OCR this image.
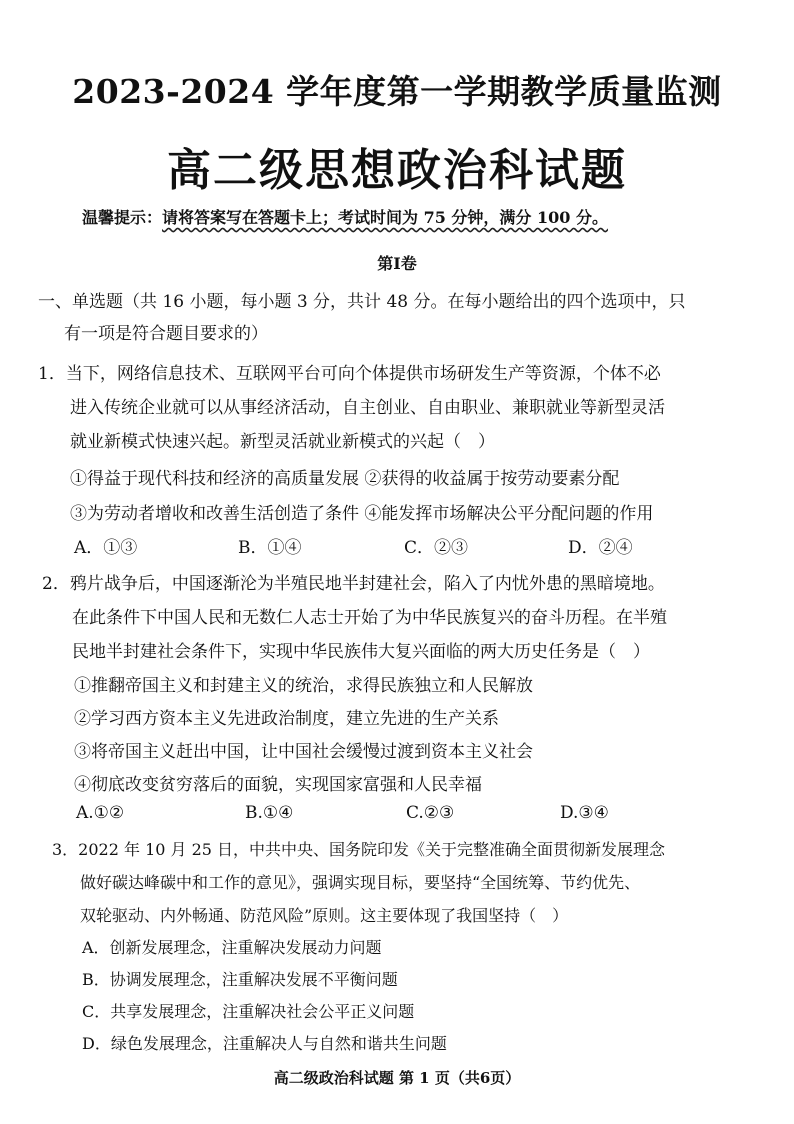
2023-2024 学年度第一学期教学质量监测
高二级思想政治科试题
温馨提示：请将答案写在答题卡上；考试时间为 75 分钟，满分 100 分。
第Ⅰ卷
一、单选题（共 16 小题，每小题 3 分，共计 48 分。在每小题给出的四个选项中，只
有一项是符合题目要求的）
1．当下，网络信息技术、互联网平台可向个体提供市场研发生产等资源，个体不必
进入传统企业就可以从事经济活动，自主创业、自由职业、兼职就业等新型灵活
就业新模式快速兴起。新型灵活就业新模式的兴起（　）
①得益于现代科技和经济的高质量发展 ②获得的收益属于按劳动要素分配
③为劳动者增收和改善生活创造了条件 ④能发挥市场解决公平分配问题的作用
A．①③	B．①④	C．②③	D．②④
2．鸦片战争后，中国逐渐沦为半殖民地半封建社会，陷入了内忧外患的黑暗境地。
在此条件下中国人民和无数仁人志士开始了为中华民族复兴的奋斗历程。在半殖
民地半封建社会条件下，实现中华民族伟大复兴面临的两大历史任务是（　）
①推翻帝国主义和封建主义的统治，求得民族独立和人民解放
②学习西方资本主义先进政治制度，建立先进的生产关系
③将帝国主义赶出中国，让中国社会缓慢过渡到资本主义社会
④彻底改变贫穷落后的面貌，实现国家富强和人民幸福
A.①②	B.①④	C.②③	D.③④
3．2022 年 10 月 25 日，中共中央、国务院印发《关于完整准确全面贯彻新发展理念
做好碳达峰碳中和工作的意见》，强调实现目标，要坚持“全国统筹、节约优先、
双轮驱动、内外畅通、防范风险”原则。这主要体现了我国坚持（　）
A．创新发展理念，注重解决发展动力问题
B．协调发展理念，注重解决发展不平衡问题
C．共享发展理念，注重解决社会公平正义问题
D．绿色发展理念，注重解决人与自然和谐共生问题
高二级政治科试题 第 1 页（共6页）
